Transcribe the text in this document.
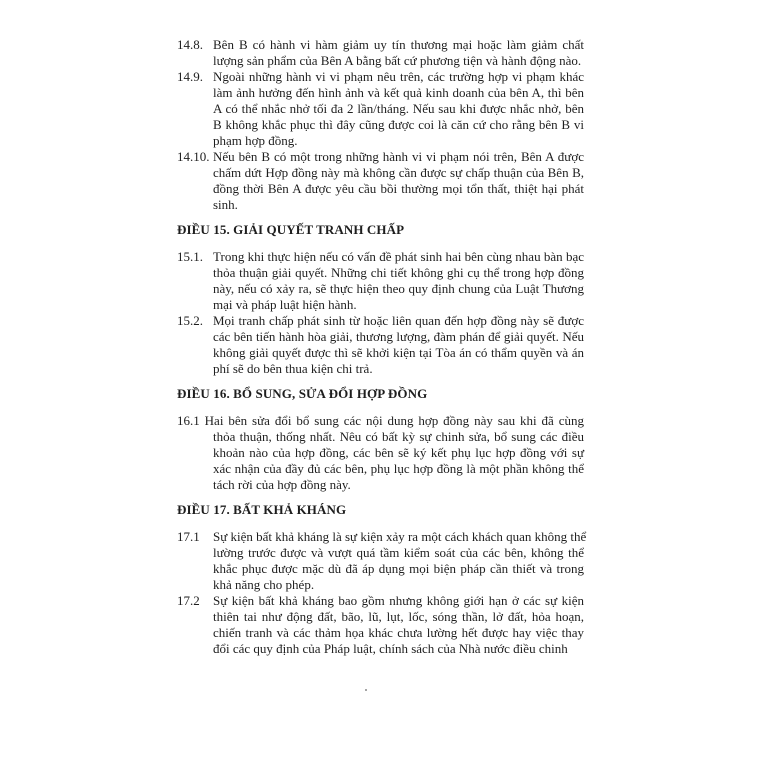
14.8. Bên B có hành vi hàm giảm uy tín thương mại hoặc làm giảm chất
lượng sản phẩm của Bên A bằng bất cứ phương tiện và hành động nào.
14.9. Ngoài những hành vi vi phạm nêu trên, các trường hợp vi phạm khác
làm ảnh hưởng đến hình ảnh và kết quả kinh doanh của bên A, thì bên
A có thể nhắc nhở tối đa 2 lần/tháng. Nếu sau khi được nhắc nhở, bên
B không khắc phục thì đây cũng được coi là căn cứ cho rằng bên B vi
phạm hợp đồng.
14.10. Nếu bên B có một trong những hành vi vi phạm nói trên, Bên A được
chấm dứt Hợp đồng này mà không cần được sự chấp thuận của Bên B,
đồng thời Bên A được yêu cầu bồi thường mọi tổn thất, thiệt hại phát
sinh.
ĐIỀU 15. GIẢI QUYẾT TRANH CHẤP
15.1. Trong khi thực hiện nếu có vấn đề phát sinh hai bên cùng nhau bàn bạc
thỏa thuận giải quyết. Những chi tiết không ghi cụ thể trong hợp đồng
này, nếu có xảy ra, sẽ thực hiện theo quy định chung của Luật Thương
mại và pháp luật hiện hành.
15.2. Mọi tranh chấp phát sinh từ hoặc liên quan đến hợp đồng này sẽ được
các bên tiến hành hòa giải, thương lượng, đàm phán để giải quyết. Nếu
không giải quyết được thì sẽ khởi kiện tại Tòa án có thẩm quyền và án
phí sẽ do bên thua kiện chi trả.
ĐIỀU 16. BỔ SUNG, SỬA ĐỔI HỢP ĐỒNG
16.1 Hai bên sửa đổi bổ sung các nội dung hợp đồng này sau khi đã cùng
thỏa thuận, thống nhất. Nêu có bất kỳ sự chinh sửa, bổ sung các điều
khoản nào của hợp đồng, các bên sẽ ký kết phụ lục hợp đồng với sự
xác nhận của đầy đủ các bên, phụ lục hợp đồng là một phần không thể
tách rời của hợp đồng này.
ĐIỀU 17. BẤT KHẢ KHÁNG
17.1 Sự kiện bất khả kháng là sự kiện xảy ra một cách khách quan không thể
lường trước được và vượt quá tầm kiểm soát của các bên, không thể
khắc phục được mặc dù đã áp dụng mọi biện pháp cần thiết và trong
khả năng cho phép.
17.2 Sự kiện bất khả kháng bao gồm nhưng không giới hạn ở các sự kiện
thiên tai như động đất, bão, lũ, lụt, lốc, sóng thần, lở đất, hỏa hoạn,
chiến tranh và các thảm họa khác chưa lường hết được hay việc thay
đổi các quy định của Pháp luật, chính sách của Nhà nước điều chinh
